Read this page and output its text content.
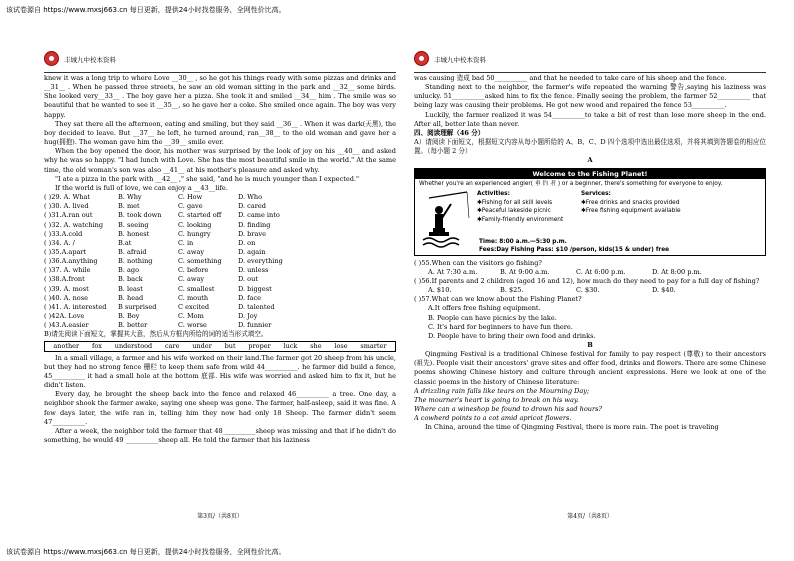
该试卷源自 https://www.mxsj663.cn 每日更新，提供24小时找卷服务，全网性价比高。
丰城九中校本资料

knew it was a long trip to where Love __30__ , so he got his things ready with some pizzas and drinks and __31__ . When he passed three streets, he saw an old woman sitting in the park and __32__ some birds. She looked very__33__ . The boy gave her a pizza. She took it and smiled __34__ him . The smile was so beautiful that he wanted to see it __35__, so he gave her a coke. She smiled once again. The boy was very happy.

They sat there all the afternoon, eating and smiling, but they said __36__ . When it was dark(天黑), the boy decided to leave. But __37__ he left, he turned around, ran__38__ to the old woman and gave her a hug(拥抱). The woman gave him the __39__ smile ever.

When the boy opened the door, his mother was surprised by the look of joy on his __40__ and asked why he was so happy. "I had lunch with Love. She has the most beautiful smile in the world." At the same time, the old woman's son was also __41__ at his mother's pleasure and asked why.

"I ate a pizza in the park with __42__ ," she said, "and he is much younger than I expected."

If the world is full of love, we can enjoy a __43__life.

( )29. A. What	B. Why	C. How	D. Who
( )30. A. lived	B. met	C. gave	D. cared
( )31.A.ran out	B. took down	C. started off	D. came into
( )32. A. watching	B. seeing	C. looking	D. finding
( )33.A.cold	B. honest	C. hungry	D. brave
( )34. A. /	B.at	C. in	D. on
( )35.A.apart	B. afraid	C. away	D. again
( )36.A.anything	B. nothing	C. something	D. everything
( )37. A. while	B. ago	C. before	D. unless
( )38.A.front	B. back	C. away	D. out
( )39. A. most	B. least	C. smallest	D. biggest
( )40. A. nose	B. head	C. mouth	D. face
( )41. A. interested	B surprised	C excited	D. talented
( )42A. Love	B. Boy	C. Mom	D. Joy
( )43.A.easier	B. better	C. worse	D. funnier

B)请先阅读下面短文，掌握其大意，然后从方框内所给的词的适当形式填空。

another fox understood care under but proper luck she lose smarter

In a small village, a farmer and his wife worked on their land.The farmer got 20 sheep from his uncle, but they had no strong fence 栅栏 to keep them safe from wild 44__________. he farmer did build a fence, 45__________ it had a small hole at the bottom 底部. His wife was worried and asked him to fix it, but he didn't listen.

Every day, he brought the sheep back into the fence and relaxed 46__________ a tree. One day, a neighbor shook the farmer awake, saying one sheep was gone. The farmer, half-asleep, said it was fine. A few days later, the wife ran in, telling him they now had only 18 Sheep. The farmer didn't seem 47__________.

After a week, the neighbor told the farmer that 48__________sheep was missing and that if he didn't do something, he would 49 __________sheep all. He told the farmer that his laziness

第3页/（共8页）
丰城九中校本资料

was causing 造成 bad 50__________ and that he needed to take care of his sheep and the fence.

Standing next to the neighbor, the farmer's wife repeated the warning 警告,saying his laziness was unlucky. 51__________asked him to fix the fence. Finally seeing the problem, the farmer 52__________ that being lazy was causing their problems. He got new wood and repaired the fence 53__________.

Luckily, the farmer realized it was 54__________to take a bit of rest than lose more sheep in the end. After all, better late than never.

四、阅读理解（46 分）

A）请阅读下面短文，根据短文内容从每小题所给的 A、B、C、D 四个选项中选出最佳选项，并将其填到答题卷的相应位置。（每小题 2 分）

A
Welcome to the Fishing Planet!
Whether you're an experienced angler( 垂 钓 者 ) or a beginner, there's something for everyone to enjoy.
Activities:
✱Fishing for all skill levels
✱Peaceful lakeside picnic
✱Family-friendly environment
Services:
✱Free drinks and snacks provided
✱Free fishing equipment available
Time: 8:00 a.m.—5:30 p.m.
Fees:Day Fishing Pass: $10 /person, kids(15 & under) free

( )55.When can the visitors go fishing?

A. At 7:30 a.m.	B. At 9:00 a.m.	C. At 6:00 p.m.	D. At 8:00 p.m.

( )56.If parents and 2 children (aged 16 and 12), how much do they need to pay for a full day of fishing?

A. $10.	B. $25.	C. $30.	D. $40.

( )57.What can we know about the Fishing Planet?

A.It offers free fishing equipment.
B. People can have picnics by the lake.
C. It's hard for beginners to have fun there.
D. People have to bring their own food and drinks.
B

Qingming Festival is a traditional Chinese festival for family to pay respect (尊敬) to their ancestors (祖先). People visit their ancestors' grave sites and offer food, drinks and flowers. There are some Chinese poems showing Chinese history and culture through ancient expressions. Here we look at one of the classic poems in the history of Chinese literature:

A drizzling rain falls like tears on the Mourning Day;
The mourner's heart is going to break on his way.
Where can a wineshop be found to drown his sad hours?
A cowherd points to a cot amid apricot flowers.

In China, around the time of Qingming Festival, there is more rain. The poet is traveling

第4页/（共8页）
该试卷源自 https://www.mxsj663.cn 每日更新，提供24小时找卷服务，全网性价比高。
